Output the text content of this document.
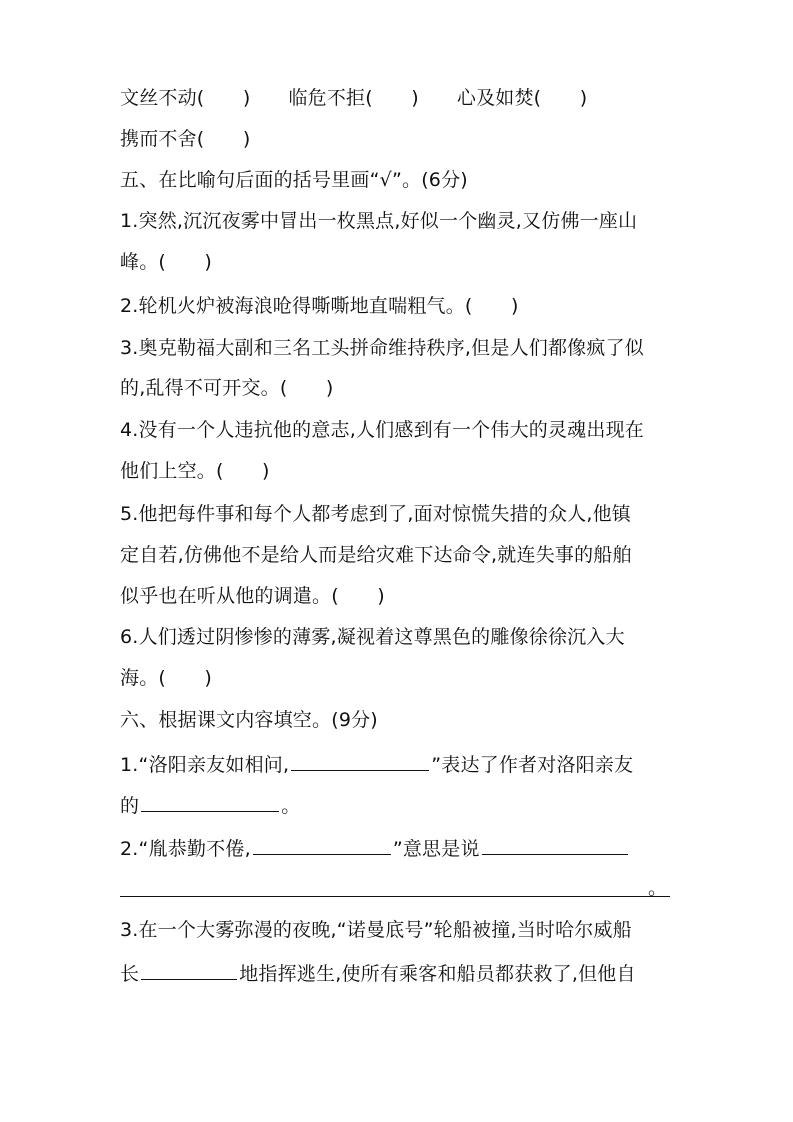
文丝不动(　　) 临危不拒(　　) 心及如焚(　　)
携而不舍(　　)
五、在比喻句后面的括号里画“√”。(6分)
1.突然,沉沉夜雾中冒出一枚黑点,好似一个幽灵,又仿佛一座山
峰。(　　)
2.轮机火炉被海浪呛得嘶嘶地直喘粗气。(　　)
3.奥克勒福大副和三名工头拼命维持秩序,但是人们都像疯了似
的,乱得不可开交。(　　)
4.没有一个人违抗他的意志,人们感到有一个伟大的灵魂出现在
他们上空。(　　)
5.他把每件事和每个人都考虑到了,面对惊慌失措的众人,他镇
定自若,仿佛他不是给人而是给灾难下达命令,就连失事的船舶
似乎也在听从他的调遣。(　　)
6.人们透过阴惨惨的薄雾,凝视着这尊黑色的雕像徐徐沉入大
海。(　　)
六、根据课文内容填空。(9分)
1.“洛阳亲友如相问,	”表达了作者对洛阳亲友
的	。
2.“胤恭勤不倦,	”意思是说
。
3.在一个大雾弥漫的夜晚,“诺曼底号”轮船被撞,当时哈尔威船
长	地指挥逃生,使所有乘客和船员都获救了,但他自
